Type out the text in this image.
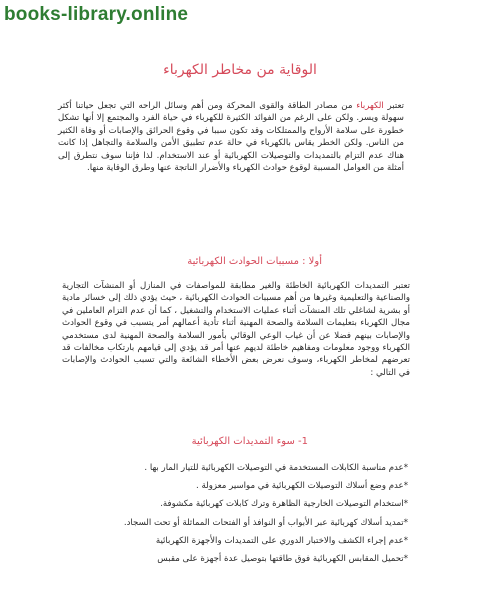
books-library.online
الوقاية من مخاطر الكهرباء
تعتبر الكهرباء من مصادر الطاقة والقوى المحركة ومن أهم وسائل الراحه التي تجعل حياتنا أكثر سهولة ويسر. ولكن على الرغم من الفوائد الكثيرة للكهرباء في حياة الفرد والمجتمع إلا أنها تشكل خطورة على سلامة الأرواح والممتلكات وقد تكون سببا في وقوع الحرائق والإصابات أو وفاة الكثير من الناس. ولكن الخطر يقاس بالكهرباء في حالة عدم تطبيق الأمن والسلامة والتجاهل إذا كانت هناك عدم التزام بالتمديدات والتوصيلات الكهربائية أو عند الاستخدام. لذا فإننا سوف نتطرق إلى أمثلة من العوامل المسببة لوقوع حوادث الكهرباء والأضرار الناتجة عنها وطرق الوقاية منها.
أولا : مسببات الحوادث الكهربائية
تعتبر التمديدات الكهربائية الخاطئة والغير مطابقة للمواصفات في المنازل أو المنشآت التجارية والصناعية والتعليمية وغيرها من أهم مسببات الحوادث الكهربائية ، حيث يؤدي ذلك إلى خسائر مادية أو بشرية لشاغلي تلك المنشآت أثناء عمليات الاستخدام والتشغيل ، كما أن عدم التزام العاملين في مجال الكهرباء بتعليمات السلامة والصحة المهنية أثناء تأدية أعمالهم أمر يتسبب في وقوع الحوادث والإصابات بينهم فضلا عن أن غياب الوعي الوقائي بأمور السلامة والصحة المهنية لدى مستخدمي الكهرباء ووجود معلومات ومفاهيم خاطئة لديهم عنها أمر قد يؤدي إلى قيامهم بارتكاب مخالفات قد تعرضهم لمخاطر الكهرباء، وسوف نعرض بعض الأخطاء الشائعة والتي تسبب الحوادث والإصابات في التالي :
1- سوء التمديدات الكهربائية
*عدم مناسبة الكابلات المستخدمة في التوصيلات الكهربائية للتيار المار بها .
*عدم وضع أسلاك التوصيلات الكهربائية في مواسير معزولة .
*استخدام التوصيلات الخارجية الظاهرة وترك كابلات كهربائية مكشوفة.
*تمديد أسلاك كهربائية عبر الأبواب أو النوافذ أو الفتحات المماثلة أو تحت السجاد.
*عدم إجراء الكشف والاختبار الدوري على التمديدات والأجهزة الكهربائية
*تحميل المقابس الكهربائية فوق طاقتها بتوصيل عدة أجهزة على مقبس
